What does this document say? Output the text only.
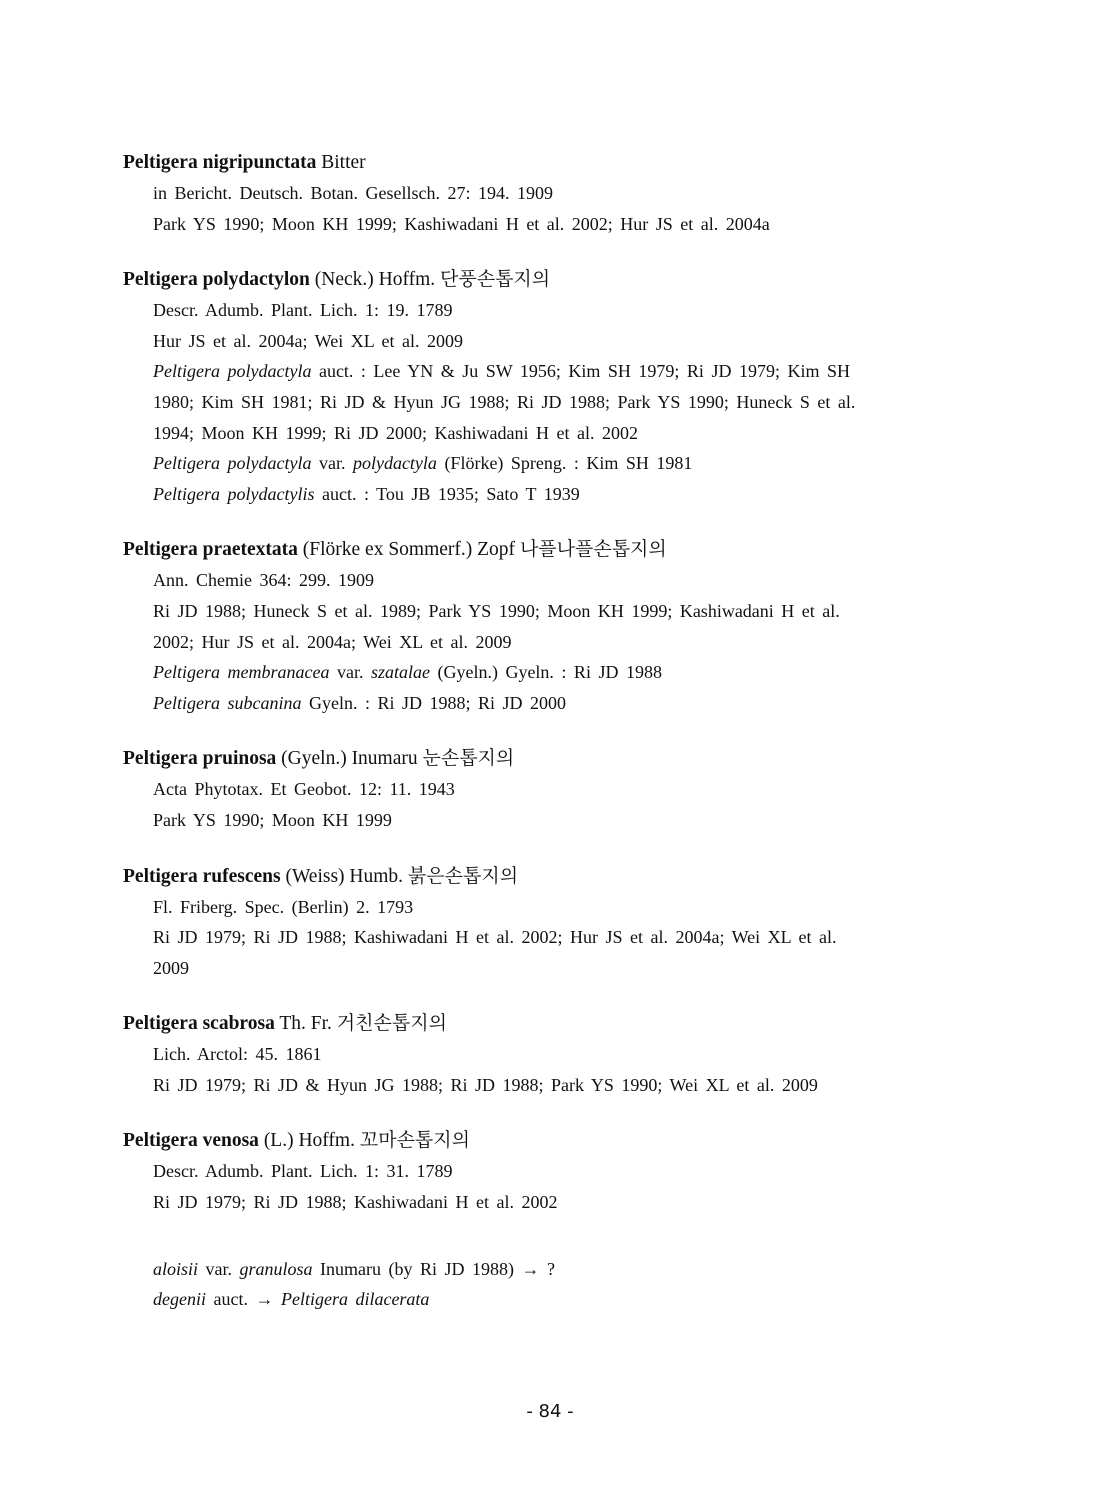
Peltigera nigripunctata Bitter
in Bericht. Deutsch. Botan. Gesellsch. 27: 194. 1909
Park YS 1990; Moon KH 1999; Kashiwadani H et al. 2002; Hur JS et al. 2004a
Peltigera polydactylon (Neck.) Hoffm. 단풍손톱지의
Descr. Adumb. Plant. Lich. 1: 19. 1789
Hur JS et al. 2004a; Wei XL et al. 2009
Peltigera polydactyla auct. : Lee YN & Ju SW 1956; Kim SH 1979; Ri JD 1979; Kim SH
1980; Kim SH 1981; Ri JD & Hyun JG 1988; Ri JD 1988; Park YS 1990; Huneck S et al.
1994; Moon KH 1999; Ri JD 2000; Kashiwadani H et al. 2002
Peltigera polydactyla var. polydactyla (Flörke) Spreng. : Kim SH 1981
Peltigera polydactylis auct. : Tou JB 1935; Sato T 1939
Peltigera praetextata (Flörke ex Sommerf.) Zopf 나플나플손톱지의
Ann. Chemie 364: 299. 1909
Ri JD 1988; Huneck S et al. 1989; Park YS 1990; Moon KH 1999; Kashiwadani H et al.
2002; Hur JS et al. 2004a; Wei XL et al. 2009
Peltigera membranacea var. szatalae (Gyeln.) Gyeln. : Ri JD 1988
Peltigera subcanina Gyeln. : Ri JD 1988; Ri JD 2000
Peltigera pruinosa (Gyeln.) Inumaru 눈손톱지의
Acta Phytotax. Et Geobot. 12: 11. 1943
Park YS 1990; Moon KH 1999
Peltigera rufescens (Weiss) Humb. 붉은손톱지의
Fl. Friberg. Spec. (Berlin) 2. 1793
Ri JD 1979; Ri JD 1988; Kashiwadani H et al. 2002; Hur JS et al. 2004a; Wei XL et al.
2009
Peltigera scabrosa Th. Fr. 거친손톱지의
Lich. Arctol: 45. 1861
Ri JD 1979; Ri JD & Hyun JG 1988; Ri JD 1988; Park YS 1990; Wei XL et al. 2009
Peltigera venosa (L.) Hoffm. 꼬마손톱지의
Descr. Adumb. Plant. Lich. 1: 31. 1789
Ri JD 1979; Ri JD 1988; Kashiwadani H et al. 2002
aloisii var. granulosa Inumaru (by Ri JD 1988) → ?
degenii auct. → Peltigera dilacerata
- 84 -
